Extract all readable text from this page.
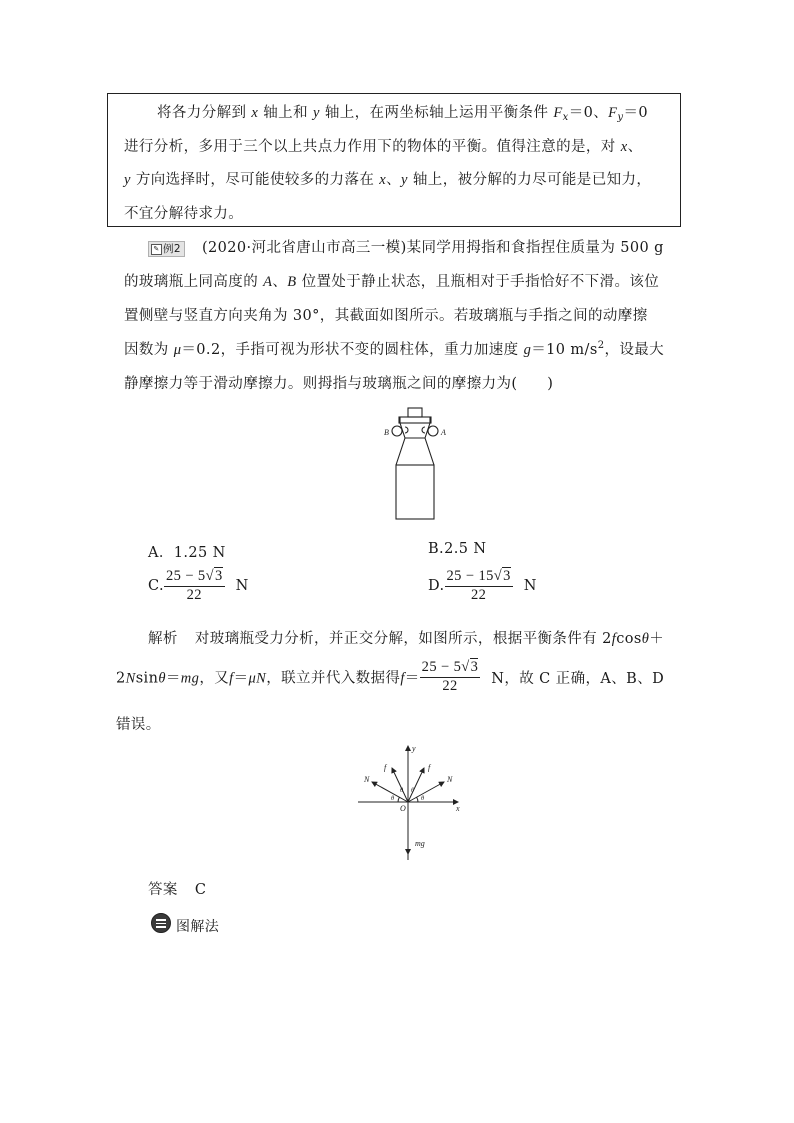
将各力分解到 x 轴上和 y 轴上，在两坐标轴上运用平衡条件 $F_x=0$、$F_y=0$
进行分析，多用于三个以上共点力作用下的物体的平衡。值得注意的是，对 x、
y 方向选择时，尽可能使较多的力落在 x、y 轴上，被分解的力尽可能是已知力，
不宜分解待求力。
✎ 例2 (2020·河北省唐山市高三一模)某同学用拇指和食指捏住质量为 500 g
的玻璃瓶上同高度的 A、B 位置处于静止状态，且瓶相对于手指恰好不下滑。该位
置侧壁与竖直方向夹角为 30°，其截面如图所示。若玻璃瓶与手指之间的动摩擦
因数为 μ＝0.2，手指可视为形状不变的圆柱体，重力加速度 g＝10 $m/s^2$，设最大
静摩擦力等于滑动摩擦力。则拇指与玻璃瓶之间的摩擦力为(　　)
B	A
A．1.25 N	B.2.5 N
C. $\frac{25 - 5√3}{22}$ N	D. $\frac{25 - 15√3}{22}$ N
解析 对玻璃瓶受力分析，并正交分解，如图所示，根据平衡条件有 2fcosθ＋
2Nsinθ＝mg，又f＝μN，联立并代入数据得$f= \frac{25 - 5√3}{22}$ N，故 C 正确，A、B、D
错误。
y
x
O
N	N
f	f
mg
θ
θ θ
θ
答案 C
图解法
